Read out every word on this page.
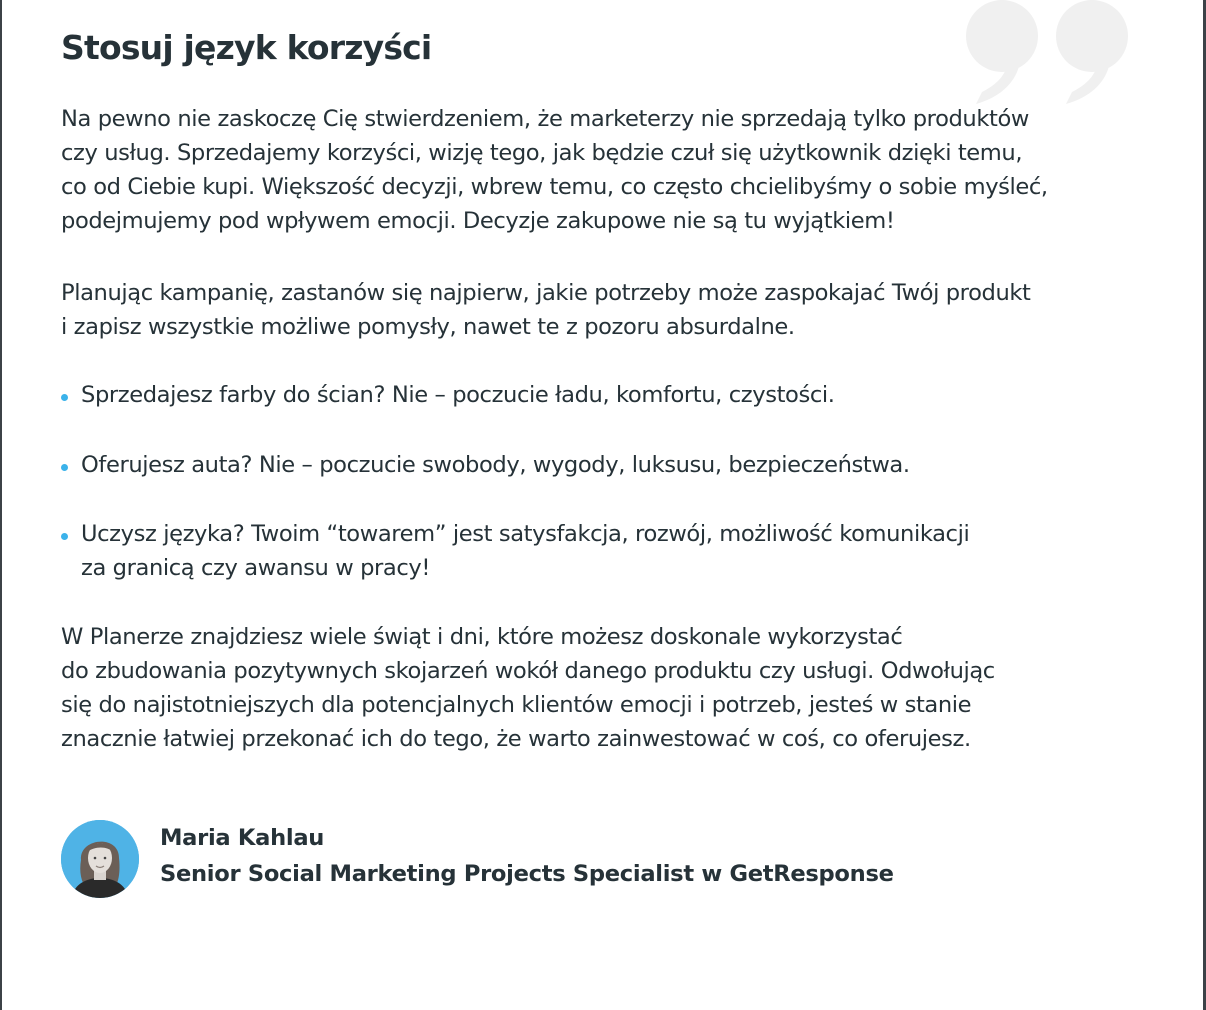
Stosuj język korzyści

Na pewno nie zaskoczę Cię stwierdzeniem, że marketerzy nie sprzedają tylko produktów
czy usług. Sprzedajemy korzyści, wizję tego, jak będzie czuł się użytkownik dzięki temu,
co od Ciebie kupi. Większość decyzji, wbrew temu, co często chcielibyśmy o sobie myśleć,
podejmujemy pod wpływem emocji. Decyzje zakupowe nie są tu wyjątkiem!

Planując kampanię, zastanów się najpierw, jakie potrzeby może zaspokajać Twój produkt
i zapisz wszystkie możliwe pomysły, nawet te z pozoru absurdalne.

Sprzedajesz farby do ścian? Nie – poczucie ładu, komfortu, czystości.
Oferujesz auta? Nie – poczucie swobody, wygody, luksusu, bezpieczeństwa.
Uczysz języka? Twoim “towarem” jest satysfakcja, rozwój, możliwość komunikacji
za granicą czy awansu w pracy!

W Planerze znajdziesz wiele świąt i dni, które możesz doskonale wykorzystać
do zbudowania pozytywnych skojarzeń wokół danego produktu czy usługi. Odwołując
się do najistotniejszych dla potencjalnych klientów emocji i potrzeb, jesteś w stanie
znacznie łatwiej przekonać ich do tego, że warto zainwestować w coś, co oferujesz.

Maria Kahlau
Senior Social Marketing Projects Specialist w GetResponse
